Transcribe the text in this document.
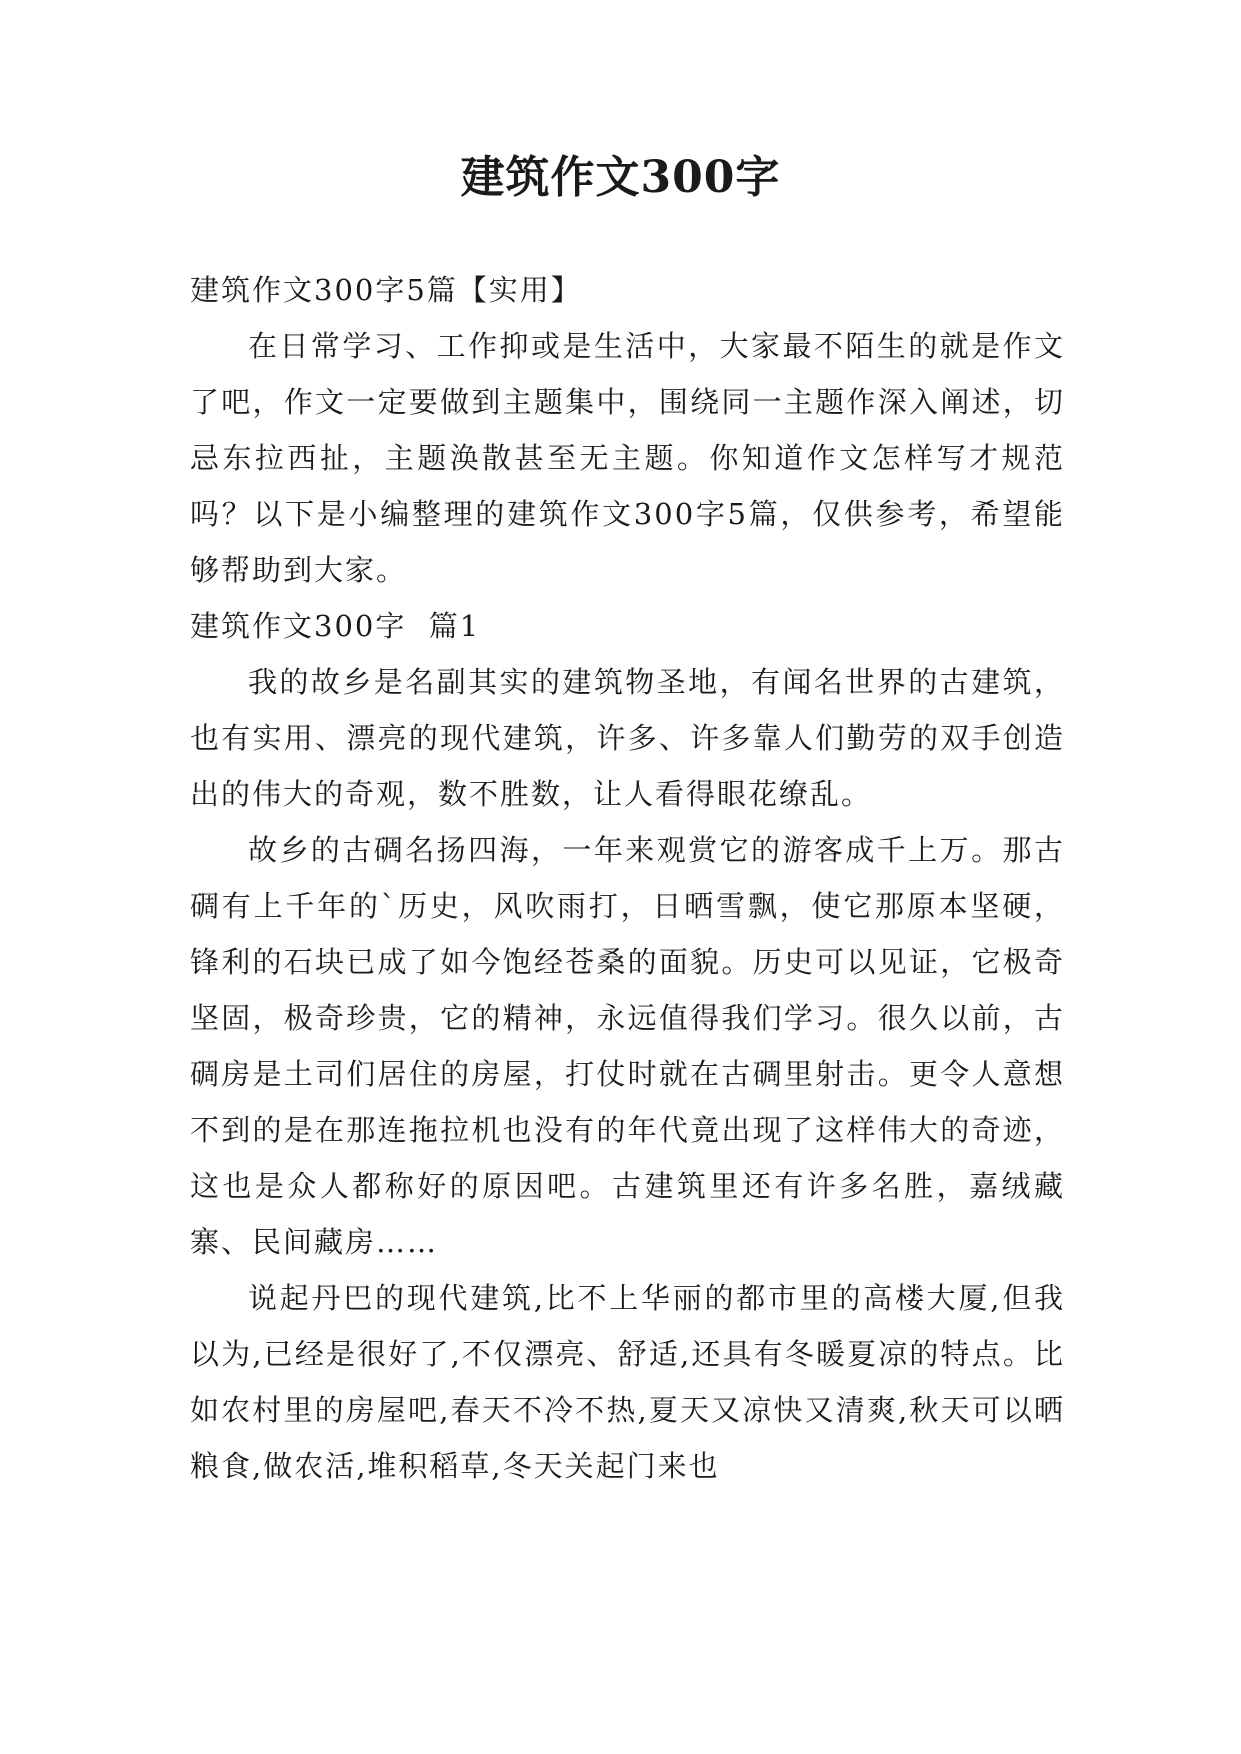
建筑作文300字

建筑作文300字5篇【实用】

在日常学习、工作抑或是生活中，大家最不陌生的就是作文了吧，作文一定要做到主题集中，围绕同一主题作深入阐述，切忌东拉西扯，主题涣散甚至无主题。你知道作文怎样写才规范吗？以下是小编整理的建筑作文300字5篇，仅供参考，希望能够帮助到大家。

建筑作文300字  篇1

我的故乡是名副其实的建筑物圣地，有闻名世界的古建筑，也有实用、漂亮的现代建筑，许多、许多靠人们勤劳的双手创造出的伟大的奇观，数不胜数，让人看得眼花缭乱。

故乡的古碉名扬四海，一年来观赏它的游客成千上万。那古碉有上千年的`历史，风吹雨打，日晒雪飘，使它那原本坚硬，锋利的石块已成了如今饱经苍桑的面貌。历史可以见证，它极奇坚固，极奇珍贵，它的精神，永远值得我们学习。很久以前，古碉房是土司们居住的房屋，打仗时就在古碉里射击。更令人意想不到的是在那连拖拉机也没有的年代竟出现了这样伟大的奇迹，这也是众人都称好的原因吧。古建筑里还有许多名胜，嘉绒藏寨、民间藏房……

说起丹巴的现代建筑,比不上华丽的都市里的高楼大厦,但我以为,已经是很好了,不仅漂亮、舒适,还具有冬暖夏凉的特点。比如农村里的房屋吧,春天不冷不热,夏天又凉快又清爽,秋天可以晒粮食,做农活,堆积稻草,冬天关起门来也
